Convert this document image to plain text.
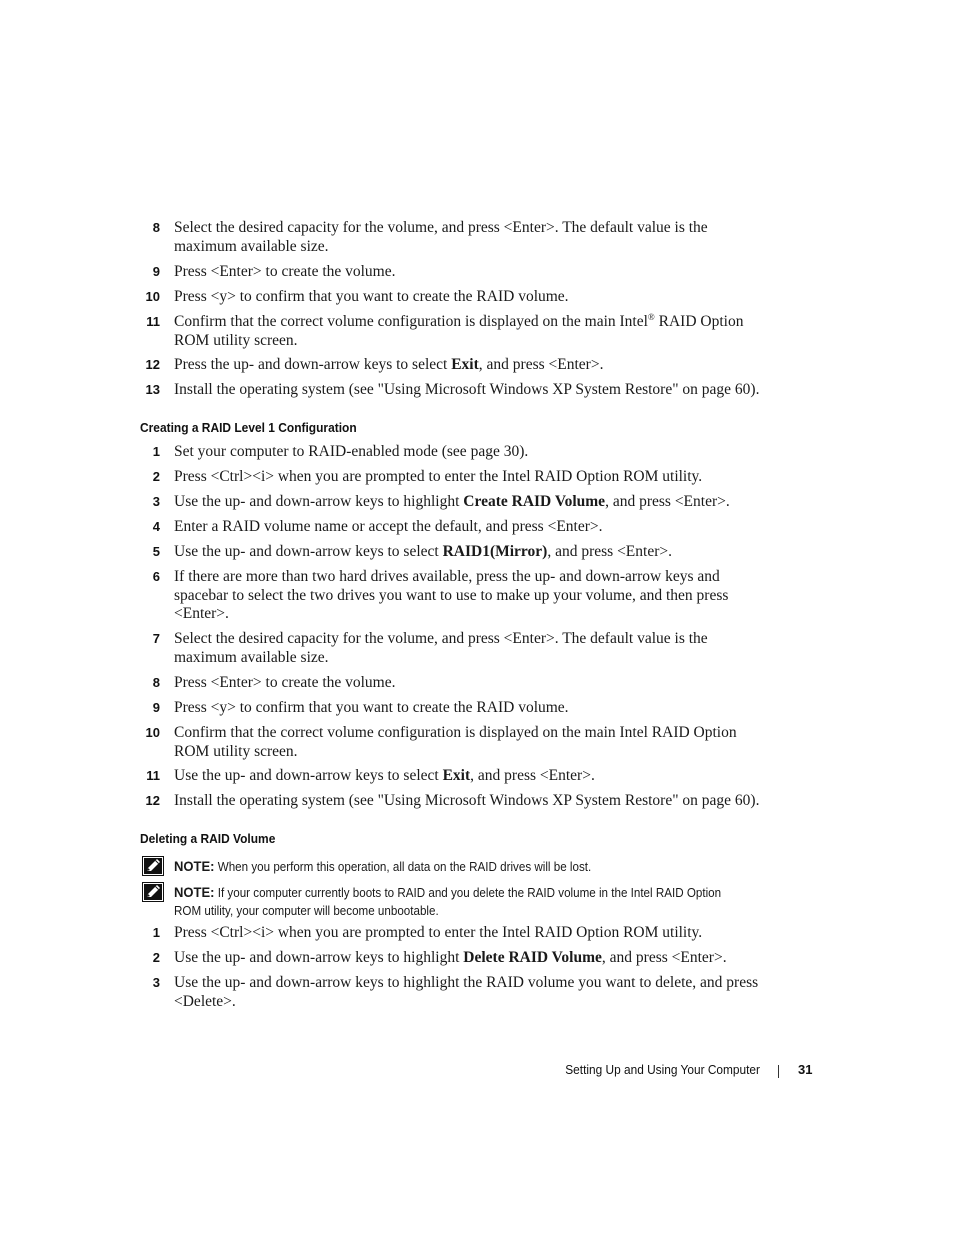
8 Select the desired capacity for the volume, and press <Enter>. The default value is the maximum available size.
9 Press <Enter> to create the volume.
10 Press <y> to confirm that you want to create the RAID volume.
11 Confirm that the correct volume configuration is displayed on the main Intel® RAID Option ROM utility screen.
12 Press the up- and down-arrow keys to select Exit, and press <Enter>.
13 Install the operating system (see "Using Microsoft Windows XP System Restore" on page 60).
Creating a RAID Level 1 Configuration
1 Set your computer to RAID-enabled mode (see page 30).
2 Press <Ctrl><i> when you are prompted to enter the Intel RAID Option ROM utility.
3 Use the up- and down-arrow keys to highlight Create RAID Volume, and press <Enter>.
4 Enter a RAID volume name or accept the default, and press <Enter>.
5 Use the up- and down-arrow keys to select RAID1(Mirror), and press <Enter>.
6 If there are more than two hard drives available, press the up- and down-arrow keys and spacebar to select the two drives you want to use to make up your volume, and then press <Enter>.
7 Select the desired capacity for the volume, and press <Enter>. The default value is the maximum available size.
8 Press <Enter> to create the volume.
9 Press <y> to confirm that you want to create the RAID volume.
10 Confirm that the correct volume configuration is displayed on the main Intel RAID Option ROM utility screen.
11 Use the up- and down-arrow keys to select Exit, and press <Enter>.
12 Install the operating system (see "Using Microsoft Windows XP System Restore" on page 60).
Deleting a RAID Volume
NOTE: When you perform this operation, all data on the RAID drives will be lost.
NOTE: If your computer currently boots to RAID and you delete the RAID volume in the Intel RAID Option ROM utility, your computer will become unbootable.
1 Press <Ctrl><i> when you are prompted to enter the Intel RAID Option ROM utility.
2 Use the up- and down-arrow keys to highlight Delete RAID Volume, and press <Enter>.
3 Use the up- and down-arrow keys to highlight the RAID volume you want to delete, and press <Delete>.
Setting Up and Using Your Computer	31
